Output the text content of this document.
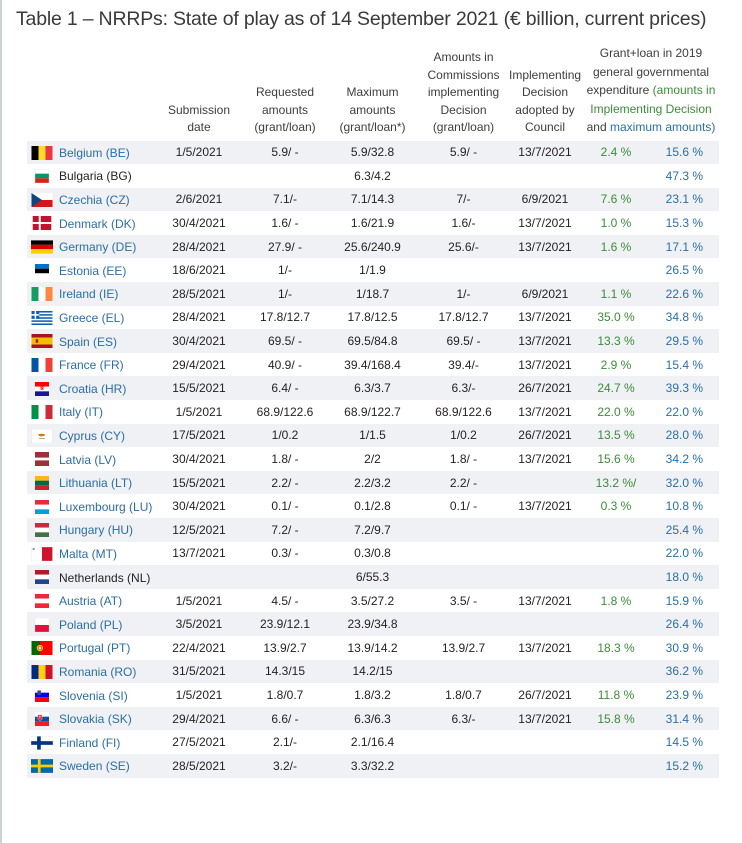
Table 1 – NRRPs: State of play as of 14 September 2021 (€ billion, current prices)
	Submission date	Requested amounts (grant/loan)	Maximum amounts (grant/loan*)	Amounts in Commissions implementing Decision (grant/loan)	Implementing Decision adopted by Council	Grant+loan in 2019 general governmental expenditure (amounts in Implementing Decision and maximum amounts)	
Belgium (BE)	1/5/2021	5.9/ -	5.9/32.8	5.9/ -	13/7/2021	2.4 %	15.6 %
Bulgaria (BG)			6.3/4.2				47.3 %
Czechia (CZ)	2/6/2021	7.1/-	7.1/14.3	7/-	6/9/2021	7.6 %	23.1 %
Denmark (DK)	30/4/2021	1.6/ -	1.6/21.9	1.6/-	13/7/2021	1.0 %	15.3 %
Germany (DE)	28/4/2021	27.9/ -	25.6/240.9	25.6/-	13/7/2021	1.6 %	17.1 %
Estonia (EE)	18/6/2021	1/-	1/1.9				26.5 %
Ireland (IE)	28/5/2021	1/-	1/18.7	1/-	6/9/2021	1.1 %	22.6 %
Greece (EL)	28/4/2021	17.8/12.7	17.8/12.5	17.8/12.7	13/7/2021	35.0 %	34.8 %
Spain (ES)	30/4/2021	69.5/ -	69.5/84.8	69.5/ -	13/7/2021	13.3 %	29.5 %
France (FR)	29/4/2021	40.9/ -	39.4/168.4	39.4/-	13/7/2021	2.9 %	15.4 %
Croatia (HR)	15/5/2021	6.4/ -	6.3/3.7	6.3/-	26/7/2021	24.7 %	39.3 %
Italy (IT)	1/5/2021	68.9/122.6	68.9/122.7	68.9/122.6	13/7/2021	22.0 %	22.0 %
Cyprus (CY)	17/5/2021	1/0.2	1/1.5	1/0.2	26/7/2021	13.5 %	28.0 %
Latvia (LV)	30/4/2021	1.8/ -	2/2	1.8/ -	13/7/2021	15.6 %	34.2 %
Lithuania (LT)	15/5/2021	2.2/ -	2.2/3.2	2.2/ -		13.2 %/	32.0 %
Luxembourg (LU)	30/4/2021	0.1/ -	0.1/2.8	0.1/ -	13/7/2021	0.3 %	10.8 %
Hungary (HU)	12/5/2021	7.2/ -	7.2/9.7				25.4 %
Malta (MT)	13/7/2021	0.3/ -	0.3/0.8				22.0 %
Netherlands (NL)			6/55.3				18.0 %
Austria (AT)	1/5/2021	4.5/ -	3.5/27.2	3.5/ -	13/7/2021	1.8 %	15.9 %
Poland (PL)	3/5/2021	23.9/12.1	23.9/34.8				26.4 %
Portugal (PT)	22/4/2021	13.9/2.7	13.9/14.2	13.9/2.7	13/7/2021	18.3 %	30.9 %
Romania (RO)	31/5/2021	14.3/15	14.2/15				36.2 %
Slovenia (SI)	1/5/2021	1.8/0.7	1.8/3.2	1.8/0.7	26/7/2021	11.8 %	23.9 %
Slovakia (SK)	29/4/2021	6.6/ -	6.3/6.3	6.3/-	13/7/2021	15.8 %	31.4 %
Finland (FI)	27/5/2021	2.1/-	2.1/16.4				14.5 %
Sweden (SE)	28/5/2021	3.2/-	3.3/32.2				15.2 %
